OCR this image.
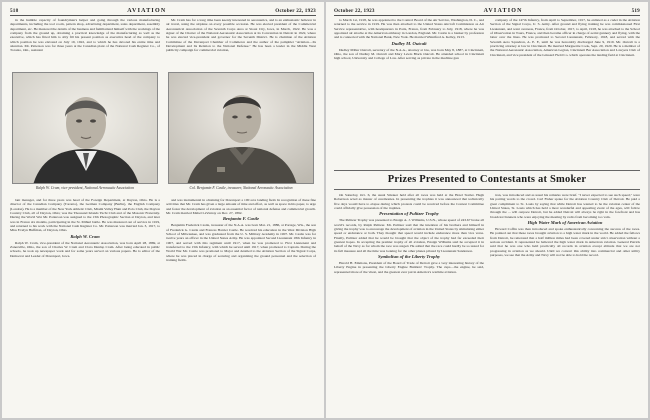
518	AVIATION	October 22, 1923

in the humble capacity of foundryman's helper and going through the various manufacturing departments, including the tool room, pattern shop, advertising department, sales department, assembly department, etc. He mastered the details of the business and familiarized himself with the workings of the company from the ground up, obtaining a practical knowledge of the manufacturing as well as the executive, which has fitted him to ably fill his present position as executive head of the company to which position he was elevated on July 19, 1922, and to which he has devoted his entire time and attention. Mr. Patterson was for three years at the Canadian plant of the National Cash Register Co., of Toronto, Ont., assistant

Mr. Cram has for a long time been keenly interested in aeronautics, and is an enthusiastic believer in air travel, using the airplane on every possible occasion. He was elected president of the Commercial Aeronautical Association of the Seventh Corps Area at Sioux City, Iowa, in March, 1922. He was a signer of the Charter of the National Aeronautic Association at its Convention in Detroit in 1922, where he was elected vice-president and governor for the Seventh District. He is chairman of the Aviation Committee of the Davenport Chamber of Commerce and the author of the pamphlet "Aviation—Its Development and Its Relation to the National Defense." He has been a leader in the Middle West publicity campaign for commercial aviation,

Ralph W. Cram, vice-president, National Aeronautic Association	Col. Benjamin F. Castle, treasurer, National Aeronautic Association

lant manager, and for three years was head of the Foreign Department, at Dayton, Ohio. He is a director of the Canadian Company (Toronto), the German Company (Berlin), the English Company (London). He is a member of the New York Athletic Club, Miami Valley Hunt and Polo Club, the Dayton Country Club, all of Dayton, Ohio; was the Thousand Islands Yacht Club and of the Masonic Fraternity. During the World War Mr. Patterson was assigned to the 13th Photographic Section at Dayton, and later was in France six months, participating in the St. Mihiel battle. He was mustered out of service in 1919, and returned to his work with the National Cash Register Co. Mr. Patterson was married Jan. 3, 1917, to Miss Evelyn Huffman, of Dayton, Ohio.

Ralph W. Cram

Ralph W. Cram, vice-president of the National Aeronautic Association, was born April 28, 1869, at Zanesville, Ohio, the son of Charles W. Cram and Clara Dunlap Cram. After being educated in public schools, he took up newspaper work and for some years served on various papers. He is editor of the Democrat and Leader of Davenport, Iowa.

and was instrumental in obtaining for Davenport a 100 acre landing field. In recognition of these fine activities that Mr. Cram has given a large amount of time and effort, as well as space in his paper, to urge and foster the development of aviation as an essential factor of national defense and commercial growth. Mr. Cram married Mabel LaVarnay on Dec. 27, 1892.

Benjamin F. Castle

Benjamin Frederick Castle, treasurer of the N.A.A. was born Mar. 21, 1886, at Portage, Wis., the son of Frederick G. Castle and Frances Harriet Castle. He received his education in the West Division High School of Milwaukee, and was graduated from the U. S. Military Academy in 1907. Mr. Castle was for twelve years an officer in the United States Army. He was appointed Second Lieutenant 18th Infantry in 1907, and served with this regiment until 1917, when he was promoted to First Lieutenant and transferred to the 15th Infantry, with which he served until 1917, when promoted to Captain. During the World War Mr. Castle was promoted to Major and detailed to the Aviation Section of the Signal Corps, where he was placed in charge of securing and organizing the ground personnel and the selection of training fields.

October 22, 1923	AVIATION	519

to March 1st, 1918, he was appointed to the Control Board of the Air Service, Washington, D. C., and returned to the service in 1919. He was then attached to the United States Aircraft Commission as Air Service representative, with headquarters in Paris, France, from February to July, 1918, where he was appointed air attache at the American embassy in London, England. Mr. Castle is a banker by profession and is connected with the National Bank, New York. He married Winnifred A. Kelley, 1913.

Dudley M. Outcalt

Dudley Miller Outcalt, secretary of the N.A.A., attorney at law, was born May 8, 1887, at Cincinnati, Ohio, the son of Dudley M. Outcalt and Mary Lewis Black Outcalt. He attended school in Cincinnati high school, University and College of Law. After serving as private in the machine gun

company of the 147th Infantry, from April to September, 1917, he enlisted as a cadet in the Aviation Section of the Signal Corps, U. S. Army. After ground and flying training he was commissioned First Lieutenant, and went overseas, France, from October, 1917, to April, 1918, he was attached to the School of Observation in Tours, France, and then became officer in charge of aerial gunnery and flying, with the latter over the lines. He was promoted to Second Lieutenant, February, 1918, and served with the Seventh Aero Squadron, A. E. F., until he was honorably discharged June 9, 1919. Mr. Outcalt is a practicing attorney at law in Cincinnati. He married Marguerite Cook, Sept. 20, 1920. He is a member of the National Aeronautic Association, American Legion, Cincinnati Bar Association and Lawyers Club of Cincinnati, and vice president of the Grissard Field Co. which operates the landing field at Cincinnati.

Prizes Presented to Contestants at Smoker

On Saturday, Oct. 6, the usual Smoker held after all races was held at the Hotel Statler. Hugh Robertson acted as master of ceremonies. In presenting the trophies it was announced that technically five days would have to elapse during which protests could be received before the Contest Committee could officially give possession of the trophies.

Presentation of Pulitzer Trophy

The Pulitzer Trophy was presented to Ensign A. J. Williams, U.S.N., whose speed of 243.67 broke all world's records, by Ralph Pulitzer. Mr. Pulitzer said that the intention of his brothers and himself in giving the trophy was to encourage the development of aviation in the United States by stimulating either speed or endurance or both. They thought that speed would include endurance more than vice versa. Finally, Pulitzer added that he would be brought that the object of the trophy had far exceeded their greatest hopes. In accepting the premier trophy of all aviation, Ensign Williams said he accepted it in behalf of the Navy as for whom the race was staged. He added that the race could hardly be so tested for its full measure and all the time was looking for the other planes piloted by Lieutenant Sanderson.

Symbolism of the Liberty Trophy

Harold H. Emmons, President of the Board of Trade of Detroit gave a very interesting history of the Liberty Engine in presenting the Liberty Engine Builders' Trophy. The cups—the engine, he said, represented more of the vitest, and the greatest ever put in America's wartime aviation.

tran, was introduced and as usual his remarks were brief. "I never expected to see such speed," were his parting words to the crowd. Carl Fisher spoke for the Aviation Country Club of Detroit. He paid a great compliment to St. Louis by saying that while Detroit has wanted to be the aviation center of the United States, St. Louis which has held a most wonderful and appealing event of the ages, will follow through the ... will outpace Detroit, but he added Detroit will always be right in the forefront and has broadcast listeners who were enjoying the meeting by radio from becoming too vain.

High Water Mark of American Aviation

Howard Coffin was then introduced and spoke enthusiastically concerning the success of the races. He pointed out that these races brought aviation to a high water mark in the world. He added the fellows from Detroit, he reiterated that a half million miles had been covered under strict observation without a serious accident. It represented he believed the high water mark in American aviation. General Patrick said that he was one who held practically all records in aviation except altitude that we are not progressing in aviation as we should. Until we convert this ability into commercial and other utility purposes, we see that the Army and Navy will not be able to hold the record.
